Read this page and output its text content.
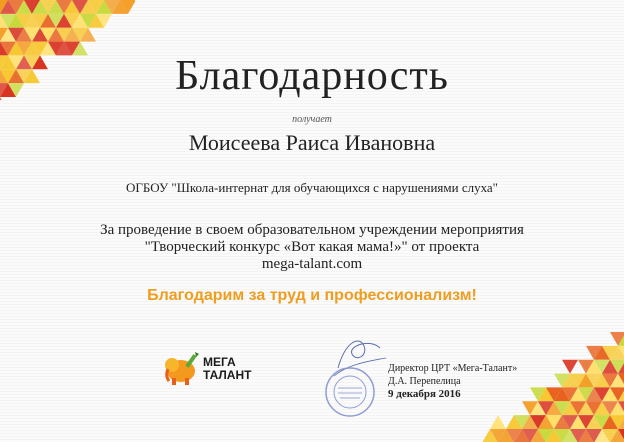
Благодарность
получает
Моисеева Раиса Ивановна
ОГБОУ "Школа-интернат для обучающихся с нарушениями слуха"
За проведение в своем образовательном учреждении мероприятия
"Творческий конкурс «Вот какая мама!»" от проекта
mega-talant.com
Благодарим за труд и профессионализм!
МЕГА
ТАЛАНТ	Директор ЦРТ «Мега-Талант»
Д.А. Перепелица
9 декабря 2016
